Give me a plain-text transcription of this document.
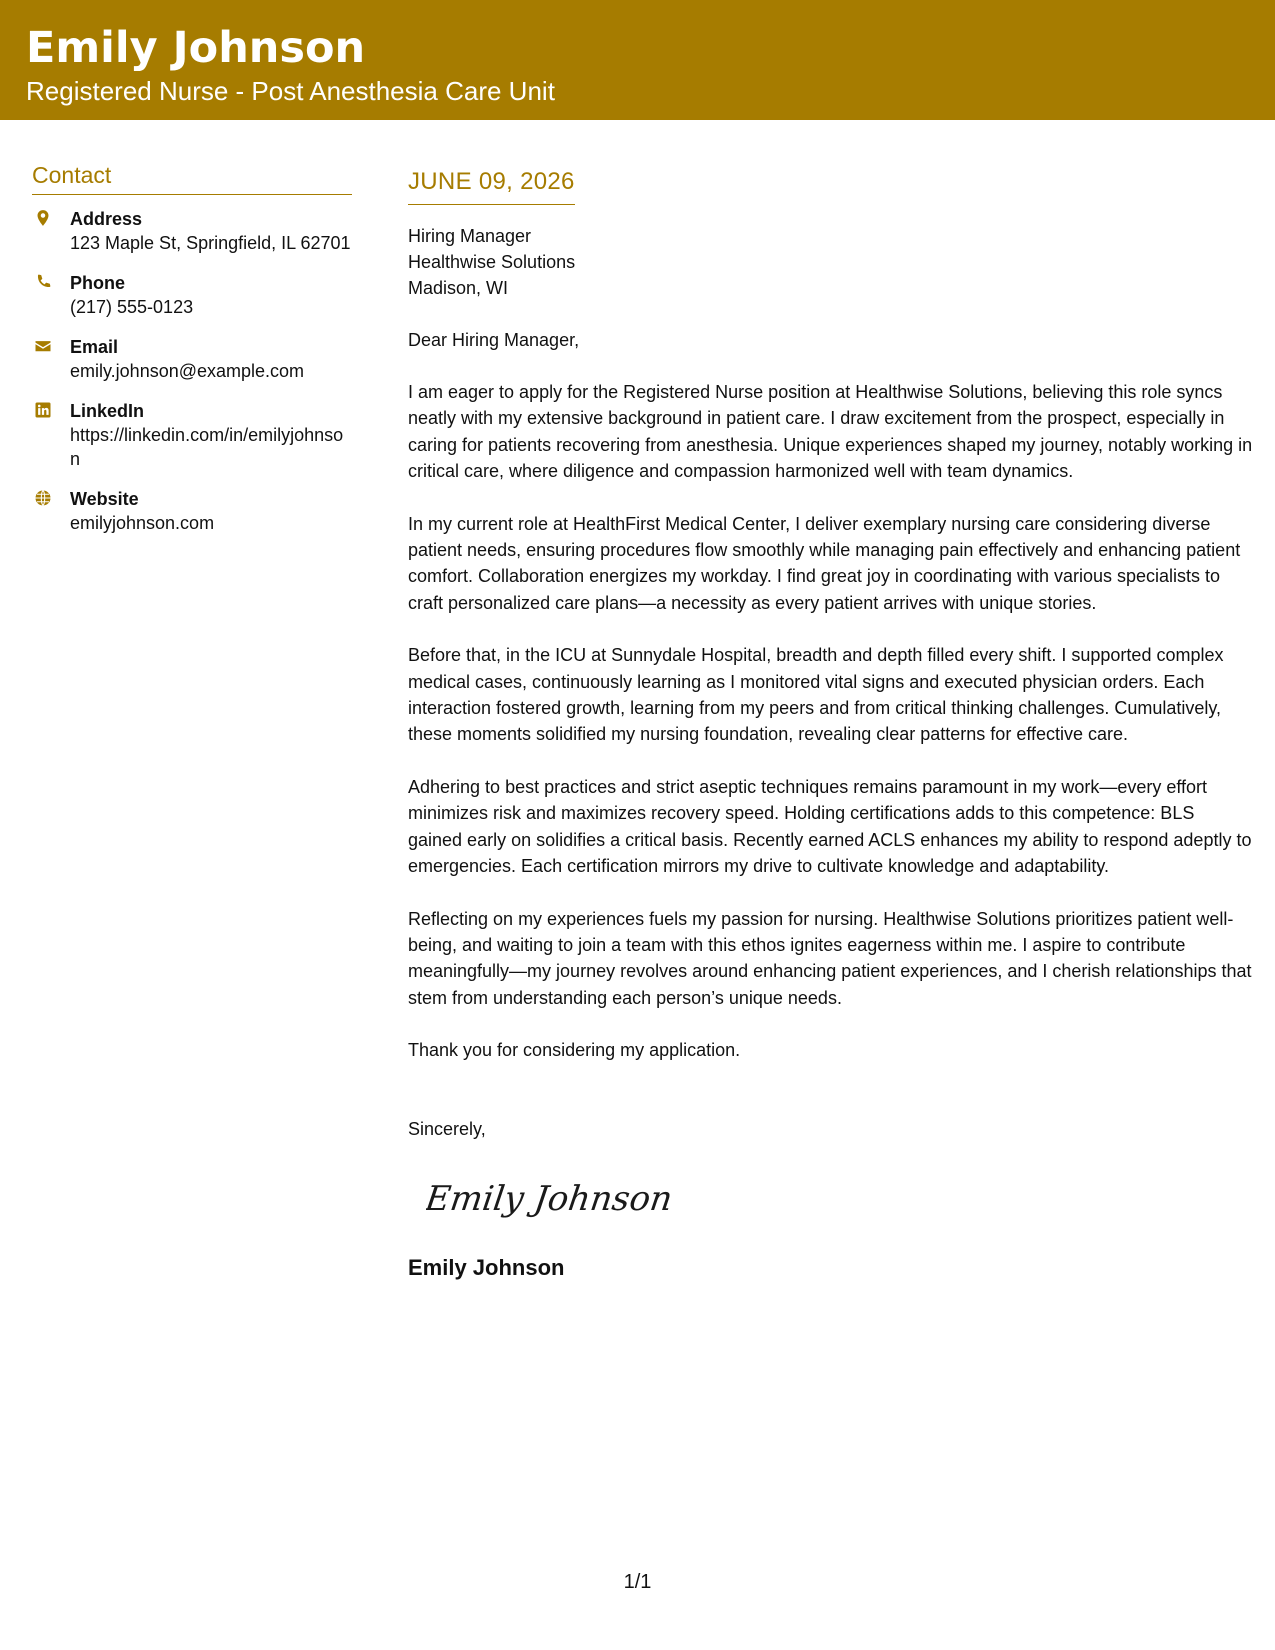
Emily Johnson
Registered Nurse - Post Anesthesia Care Unit
Contact
Address
123 Maple St, Springfield, IL 62701
Phone
(217) 555-0123
Email
emily.johnson@example.com
LinkedIn
https://linkedin.com/in/emilyjohnson
Website
emilyjohnson.com
JUNE 09, 2026
Hiring Manager
Healthwise Solutions
Madison, WI
Dear Hiring Manager,

I am eager to apply for the Registered Nurse position at Healthwise Solutions, believing this role syncs neatly with my extensive background in patient care. I draw excitement from the prospect, especially in caring for patients recovering from anesthesia. Unique experiences shaped my journey, notably working in critical care, where diligence and compassion harmonized well with team dynamics.

In my current role at HealthFirst Medical Center, I deliver exemplary nursing care considering diverse patient needs, ensuring procedures flow smoothly while managing pain effectively and enhancing patient comfort. Collaboration energizes my workday. I find great joy in coordinating with various specialists to craft personalized care plans—a necessity as every patient arrives with unique stories.

Before that, in the ICU at Sunnydale Hospital, breadth and depth filled every shift. I supported complex medical cases, continuously learning as I monitored vital signs and executed physician orders. Each interaction fostered growth, learning from my peers and from critical thinking challenges. Cumulatively, these moments solidified my nursing foundation, revealing clear patterns for effective care.

Adhering to best practices and strict aseptic techniques remains paramount in my work—every effort minimizes risk and maximizes recovery speed. Holding certifications adds to this competence: BLS gained early on solidifies a critical basis. Recently earned ACLS enhances my ability to respond adeptly to emergencies. Each certification mirrors my drive to cultivate knowledge and adaptability.

Reflecting on my experiences fuels my passion for nursing. Healthwise Solutions prioritizes patient well-being, and waiting to join a team with this ethos ignites eagerness within me. I aspire to contribute meaningfully—my journey revolves around enhancing patient experiences, and I cherish relationships that stem from understanding each person’s unique needs.

Thank you for considering my application.

Sincerely,
Emily Johnson
Emily Johnson
1/1
